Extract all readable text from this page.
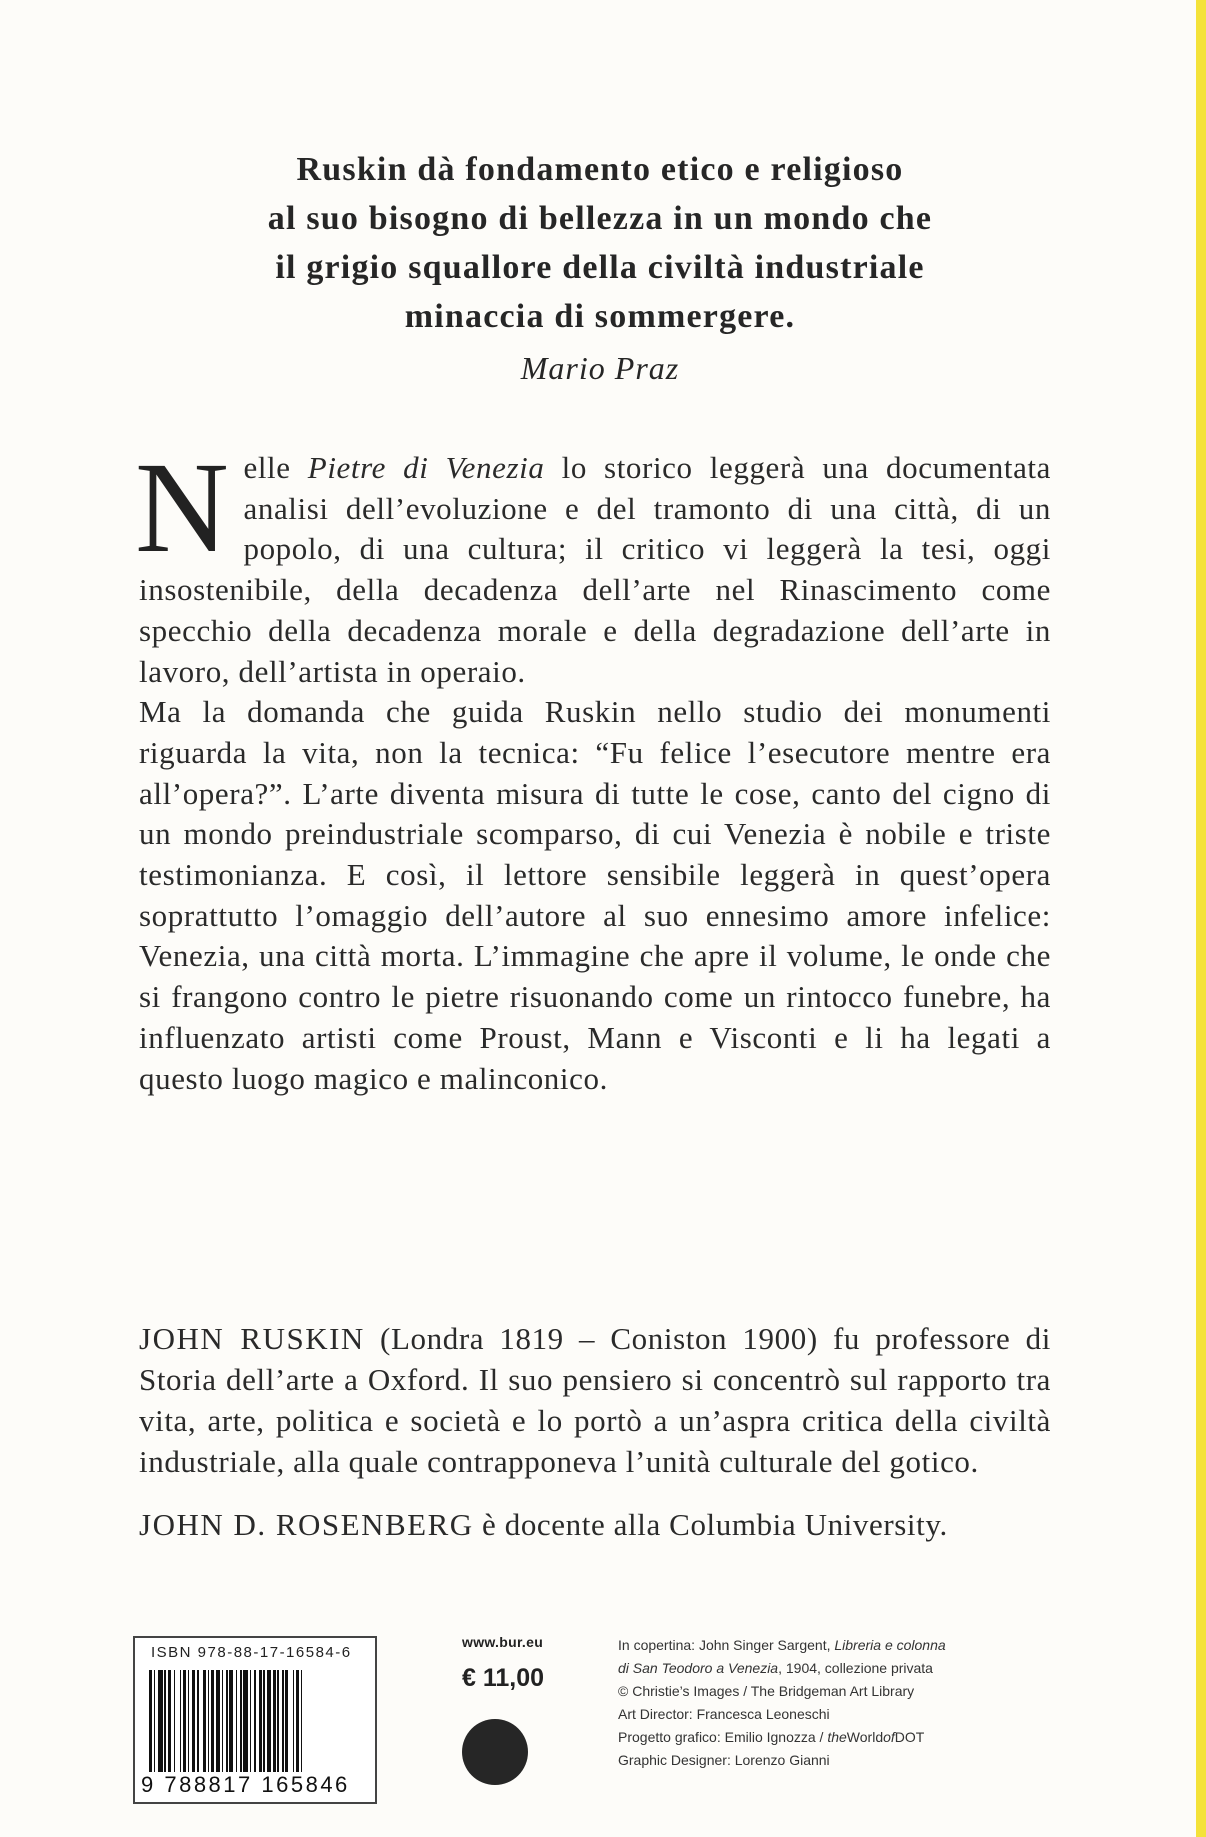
Ruskin dà fondamento etico e religioso
al suo bisogno di bellezza in un mondo che
il grigio squallore della civiltà industriale
minaccia di sommergere.
Mario Praz

Nelle Pietre di Venezia lo storico leggerà una documentata analisi dell’evoluzione e del tramonto di una città, di un popolo, di una cultura; il critico vi leggerà la tesi, oggi insostenibile, della decadenza dell’arte nel Rinascimento come specchio della decadenza morale e della degradazione dell’arte in lavoro, dell’artista in operaio.

Ma la domanda che guida Ruskin nello studio dei monumenti riguarda la vita, non la tecnica: “Fu felice l’esecutore mentre era all’opera?”. L’arte diventa misura di tutte le cose, canto del cigno di un mondo preindustriale scomparso, di cui Venezia è nobile e triste testimonianza. E così, il lettore sensibile leggerà in quest’opera soprattutto l’omaggio dell’autore al suo ennesimo amore infelice: Venezia, una città morta. L’immagine che apre il volume, le onde che si frangono contro le pietre risuonando come un rintocco funebre, ha influenzato artisti come Proust, Mann e Visconti e li ha legati a questo luogo magico e malinconico.

JOHN RUSKIN (Londra 1819 – Coniston 1900) fu professore di Storia dell’arte a Oxford. Il suo pensiero si concentrò sul rapporto tra vita, arte, politica e società e lo portò a un’aspra critica della civiltà industriale, alla quale contrapponeva l’unità culturale del gotico.

JOHN D. ROSENBERG è docente alla Columbia University.

ISBN 978-88-17-16584-6
9 788817 165846
www.bur.eu
€ 11,00
In copertina: John Singer Sargent, Libreria e colonna
di San Teodoro a Venezia, 1904, collezione privata
© Christie’s Images / The Bridgeman Art Library
Art Director: Francesca Leoneschi
Progetto grafico: Emilio Ignozza / theWorldofDOT
Graphic Designer: Lorenzo Gianni
